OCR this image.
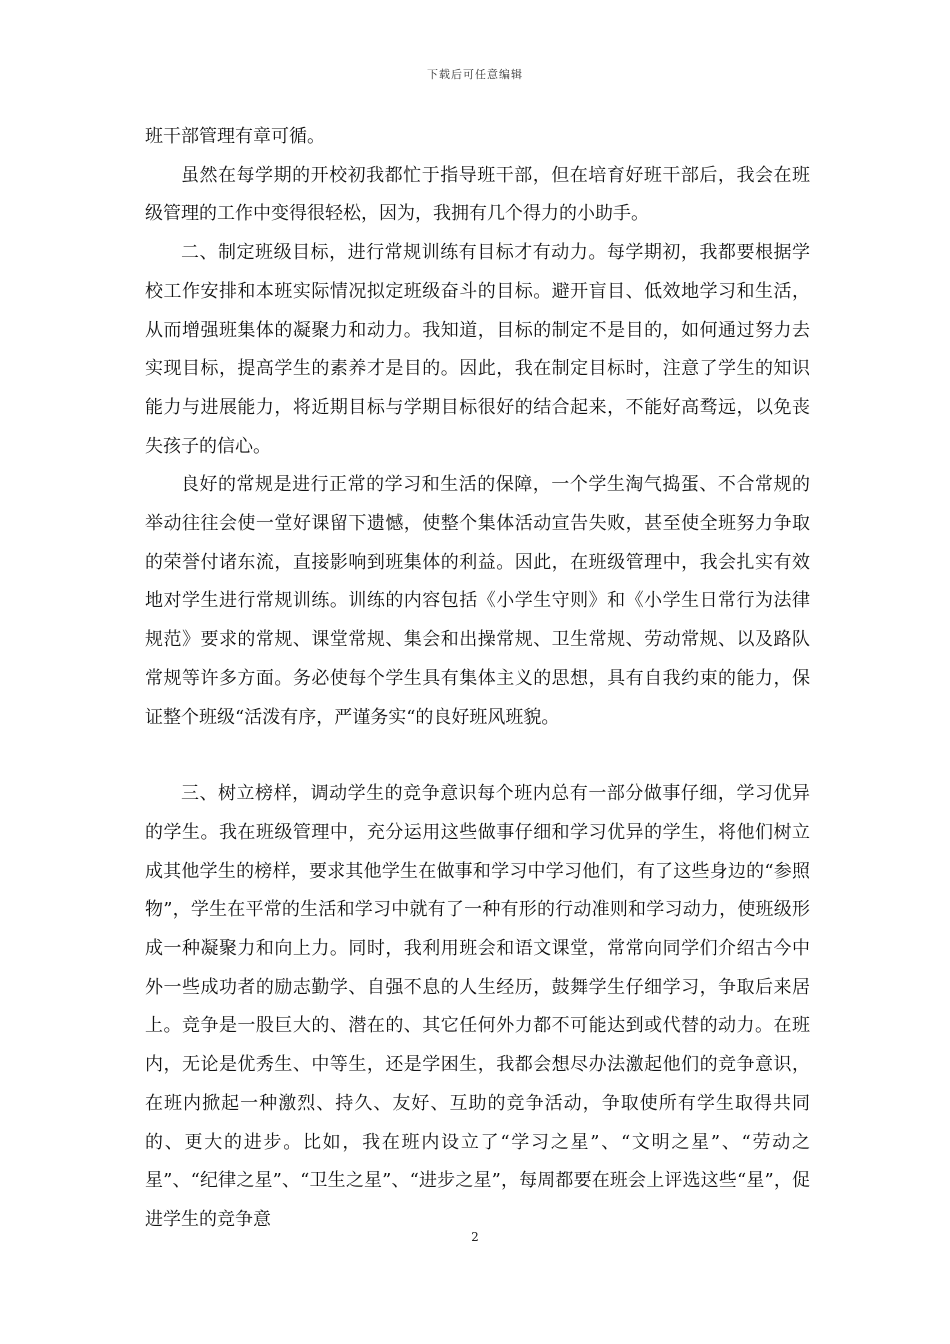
下载后可任意编辑

班干部管理有章可循。

虽然在每学期的开校初我都忙于指导班干部，但在培育好班干部后，我会在班级管理的工作中变得很轻松，因为，我拥有几个得力的小助手。

二、制定班级目标，进行常规训练有目标才有动力。每学期初，我都要根据学校工作安排和本班实际情况拟定班级奋斗的目标。避开盲目、低效地学习和生活，从而增强班集体的凝聚力和动力。我知道，目标的制定不是目的，如何通过努力去实现目标，提高学生的素养才是目的。因此，我在制定目标时，注意了学生的知识能力与进展能力，将近期目标与学期目标很好的结合起来，不能好高骛远，以免丧失孩子的信心。

良好的常规是进行正常的学习和生活的保障，一个学生淘气捣蛋、不合常规的举动往往会使一堂好课留下遗憾，使整个集体活动宣告失败，甚至使全班努力争取的荣誉付诸东流，直接影响到班集体的利益。因此，在班级管理中，我会扎实有效地对学生进行常规训练。训练的内容包括《小学生守则》和《小学生日常行为法律规范》要求的常规、课堂常规、集会和出操常规、卫生常规、劳动常规、以及路队常规等许多方面。务必使每个学生具有集体主义的思想，具有自我约束的能力，保证整个班级“活泼有序，严谨务实“的良好班风班貌。

三、树立榜样，调动学生的竞争意识每个班内总有一部分做事仔细，学习优异的学生。我在班级管理中，充分运用这些做事仔细和学习优异的学生，将他们树立成其他学生的榜样，要求其他学生在做事和学习中学习他们，有了这些身边的“参照物”，学生在平常的生活和学习中就有了一种有形的行动准则和学习动力，使班级形成一种凝聚力和向上力。同时，我利用班会和语文课堂，常常向同学们介绍古今中外一些成功者的励志勤学、自强不息的人生经历，鼓舞学生仔细学习，争取后来居上。竞争是一股巨大的、潜在的、其它任何外力都不可能达到或代替的动力。在班内，无论是优秀生、中等生，还是学困生，我都会想尽办法激起他们的竞争意识，在班内掀起一种激烈、持久、友好、互助的竞争活动，争取使所有学生取得共同的、更大的进步。比如，我在班内设立了“学习之星”、“文明之星”、“劳动之星”、“纪律之星”、“卫生之星”、“进步之星”，每周都要在班会上评选这些“星”，促进学生的竞争意

2
